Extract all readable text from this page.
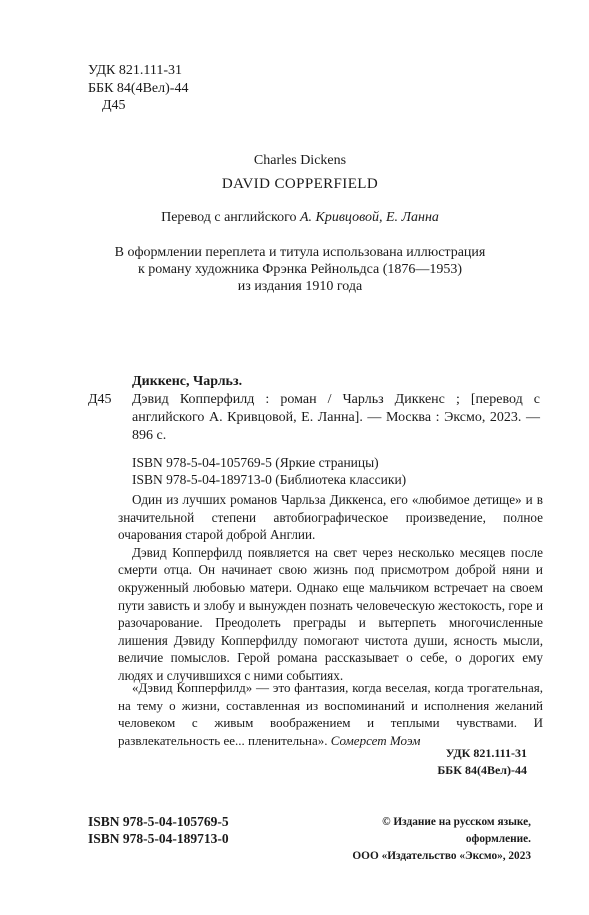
УДК 821.111-31
ББК 84(4Вел)-44
Д45
Charles Dickens
DAVID COPPERFIELD
Перевод с английского А. Кривцовой, Е. Ланна
В оформлении переплета и титула использована иллюстрация
к роману художника Фрэнка Рейнольдса (1876—1953)
из издания 1910 года
Диккенс, Чарльз.
Д45 Дэвид Копперфилд : роман / Чарльз Диккенс ; [перевод с английского А. Кривцовой, Е. Ланна]. — Москва : Эксмо, 2023. — 896 с.
ISBN 978-5-04-105769-5 (Яркие страницы)
ISBN 978-5-04-189713-0 (Библиотека классики)

Один из лучших романов Чарльза Диккенса, его «любимое детище» и в значительной степени автобиографическое произведение, полное очарования старой доброй Англии.

Дэвид Копперфилд появляется на свет через несколько месяцев после смерти отца. Он начинает свою жизнь под присмотром доброй няни и окруженный любовью матери. Однако еще мальчиком встречает на своем пути зависть и злобу и вынужден познать человеческую жестокость, горе и разочарование. Преодолеть преграды и вытерпеть многочисленные лишения Дэвиду Копперфилду помогают чистота души, ясность мысли, величие помыслов. Герой романа рассказывает о себе, о дорогих ему людях и случившихся с ними событиях.

«Дэвид Копперфилд» — это фантазия, когда веселая, когда трогательная, на тему о жизни, составленная из воспоминаний и исполнения желаний человеком с живым воображением и теплыми чувствами. И развлекательность ее... пленительна». Сомерсет Моэм

УДК 821.111-31
ББК 84(4Вел)-44
ISBN 978-5-04-105769-5
ISBN 978-5-04-189713-0
© Издание на русском языке, оформление.
ООО «Издательство «Эксмо», 2023
